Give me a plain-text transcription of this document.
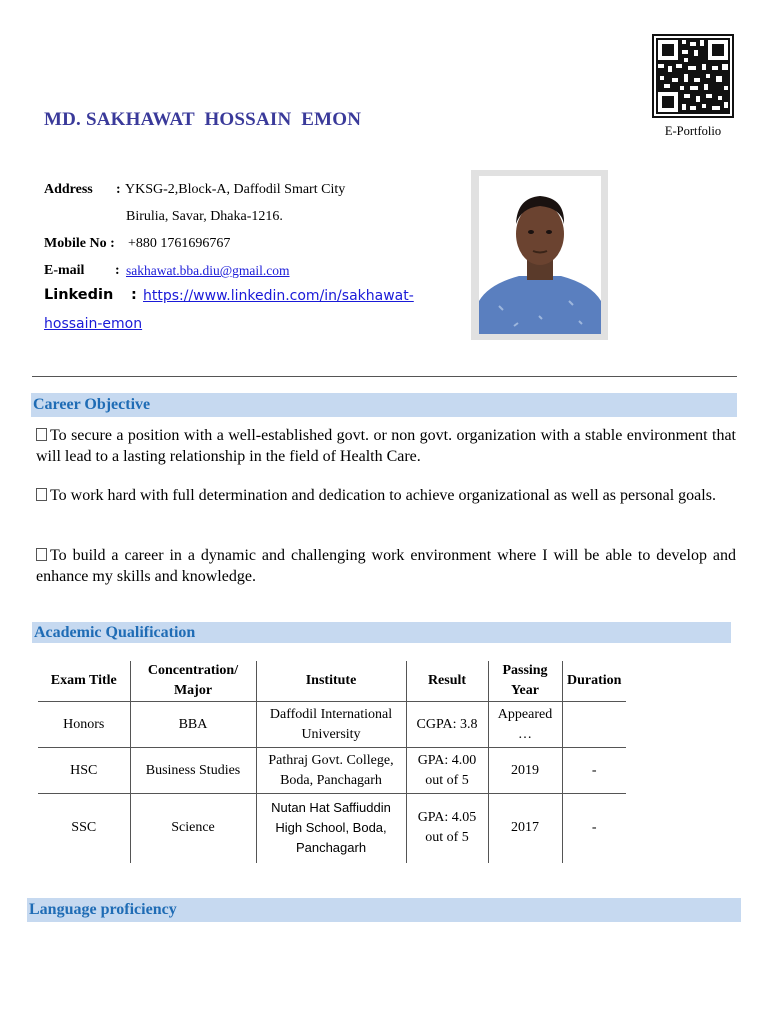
MD. SAKHAWAT  HOSSAIN  EMON
E-Portfolio
Address : YKSG-2,Block-A, Daffodil Smart City
Birulia, Savar, Dhaka-1216.
Mobile No : +880 1761696767
E-mail : sakhawat.bba.diu@gmail.com
Linkedin : https://www.linkedin.com/in/sakhawat-
hossain-emon
Career Objective
To secure a position with a well-established govt. or non govt. organization with a stable environment that will lead to a lasting relationship in the field of Health Care.
To work hard with full determination and dedication to achieve organizational as well as personal goals.
To build a career in a dynamic and challenging work environment where I will be able to develop and enhance my skills and knowledge.
Academic Qualification
Exam Title	Concentration/ Major	Institute	Result	Passing Year	Duration
Honors	BBA	Daffodil International University	CGPA: 3.8	Appeared …	
HSC	Business Studies	Pathraj Govt. College, Boda, Panchagarh	GPA: 4.00 out of 5	2019	-
SSC	Science	Nutan Hat Saffiuddin High School, Boda, Panchagarh	GPA: 4.05 out of 5	2017	-
Language proficiency
